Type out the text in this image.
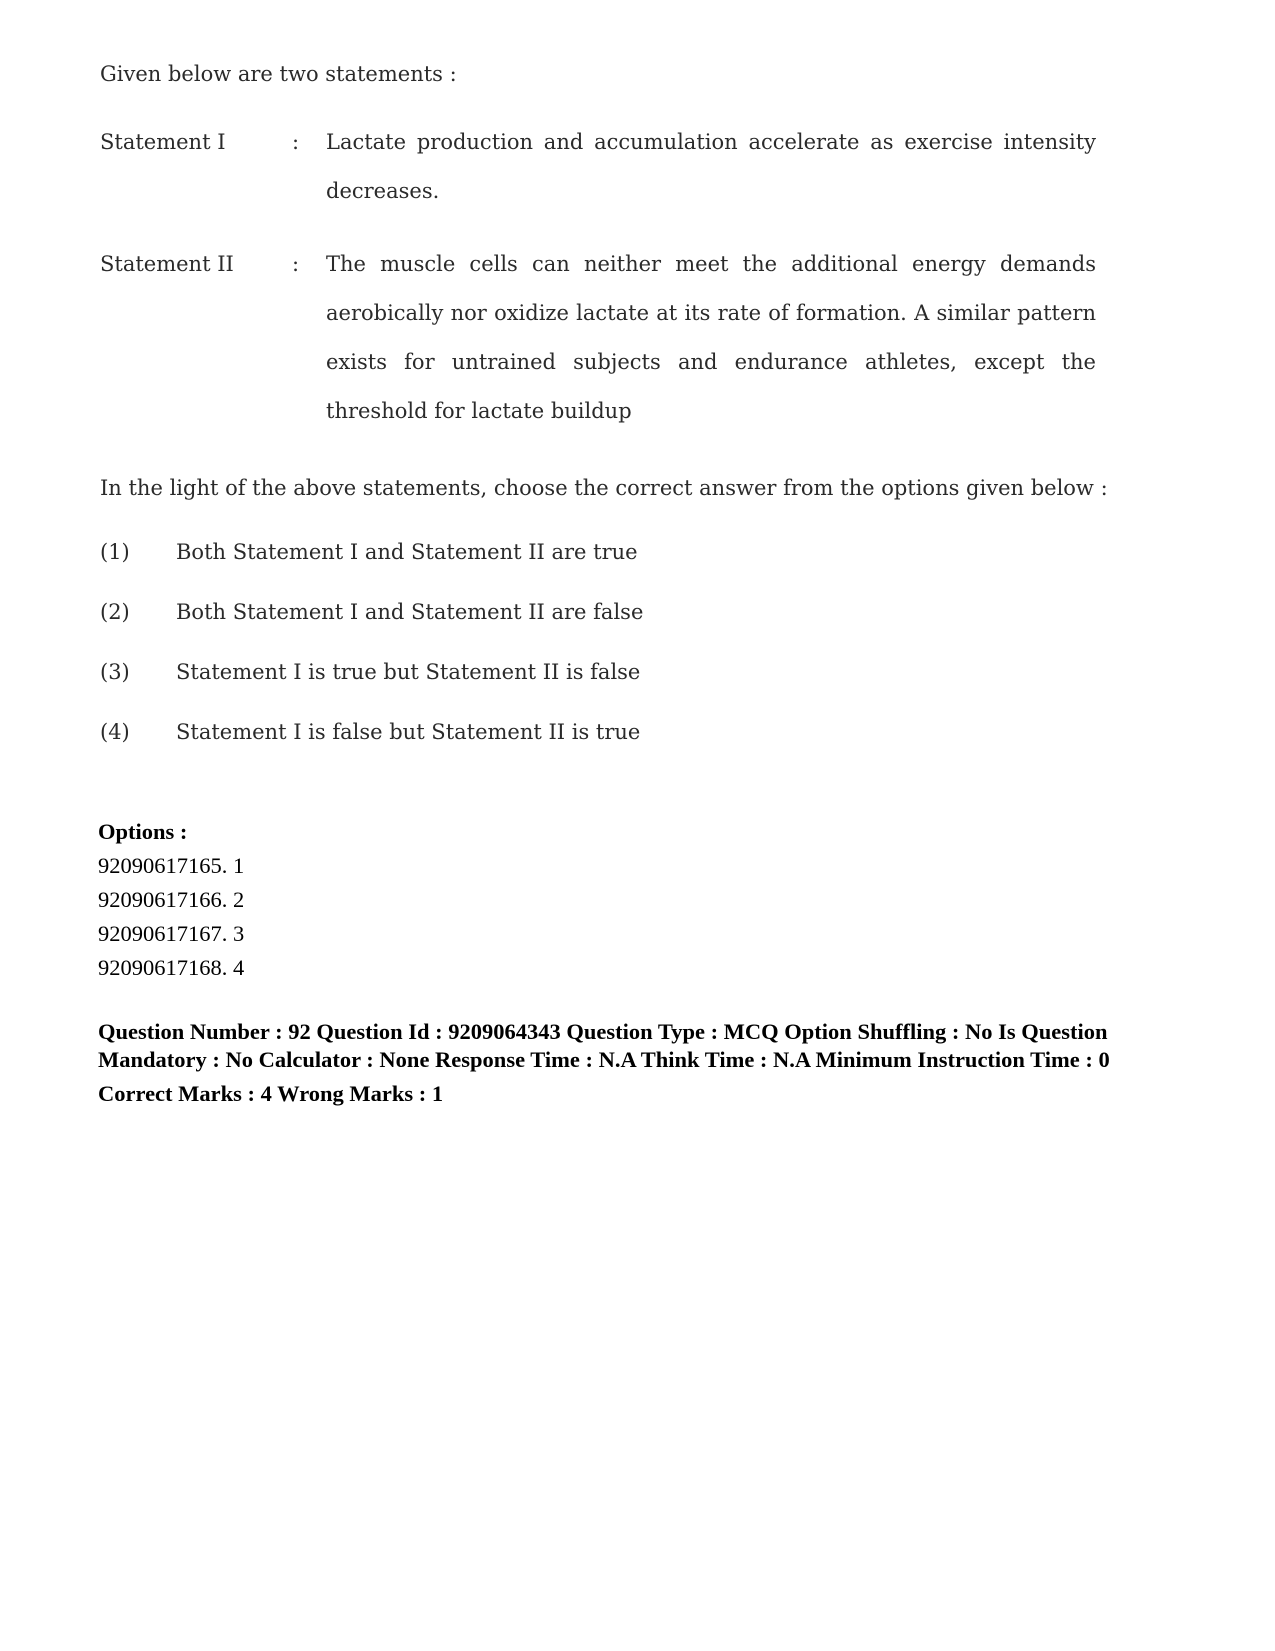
Given below are two statements :

Statement I	:	Lactate production and accumulation accelerate as exercise intensity decreases.
Statement II	:	The muscle cells can neither meet the additional energy demands aerobically nor oxidize lactate at its rate of formation. A similar pattern exists for untrained subjects and endurance athletes, except the threshold for lactate buildup
In the light of the above statements, choose the correct answer from the options given below :
(1)	Both Statement I and Statement II are true
(2)	Both Statement I and Statement II are false
(3)	Statement I is true but Statement II is false
(4)	Statement I is false but Statement II is true
Options :
92090617165. 1
92090617166. 2
92090617167. 3
92090617168. 4
Question Number : 92 Question Id : 9209064343 Question Type : MCQ Option Shuffling : No Is Question Mandatory : No Calculator : None Response Time : N.A Think Time : N.A Minimum Instruction Time : 0
Correct Marks : 4 Wrong Marks : 1
